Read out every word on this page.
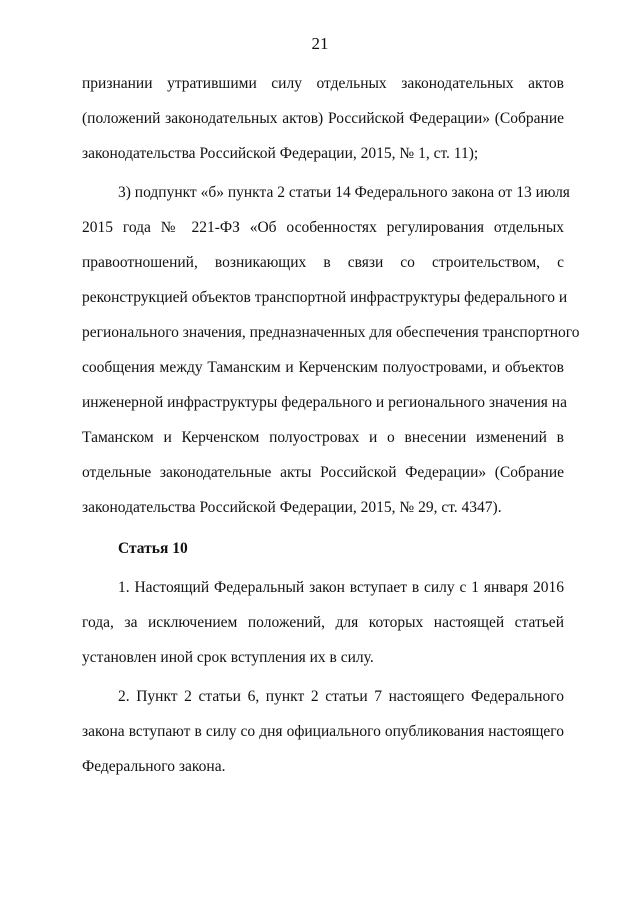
21
признании утратившими силу отдельных законодательных актов
(положений законодательных актов) Российской Федерации» (Собрание
законодательства Российской Федерации, 2015, № 1, ст. 11);
3) подпункт «б» пункта 2 статьи 14 Федерального закона от 13 июля
2015 года № 221-ФЗ «Об особенностях регулирования отдельных
правоотношений, возникающих в связи со строительством, с
реконструкцией объектов транспортной инфраструктуры федерального и
регионального значения, предназначенных для обеспечения транспортного
сообщения между Таманским и Керченским полуостровами, и объектов
инженерной инфраструктуры федерального и регионального значения на
Таманском и Керченском полуостровах и о внесении изменений в
отдельные законодательные акты Российской Федерации» (Собрание
законодательства Российской Федерации, 2015, № 29, ст. 4347).
Статья 10
1. Настоящий Федеральный закон вступает в силу с 1 января 2016
года, за исключением положений, для которых настоящей статьей
установлен иной срок вступления их в силу.
2. Пункт 2 статьи 6, пункт 2 статьи 7 настоящего Федерального
закона вступают в силу со дня официального опубликования настоящего
Федерального закона.
